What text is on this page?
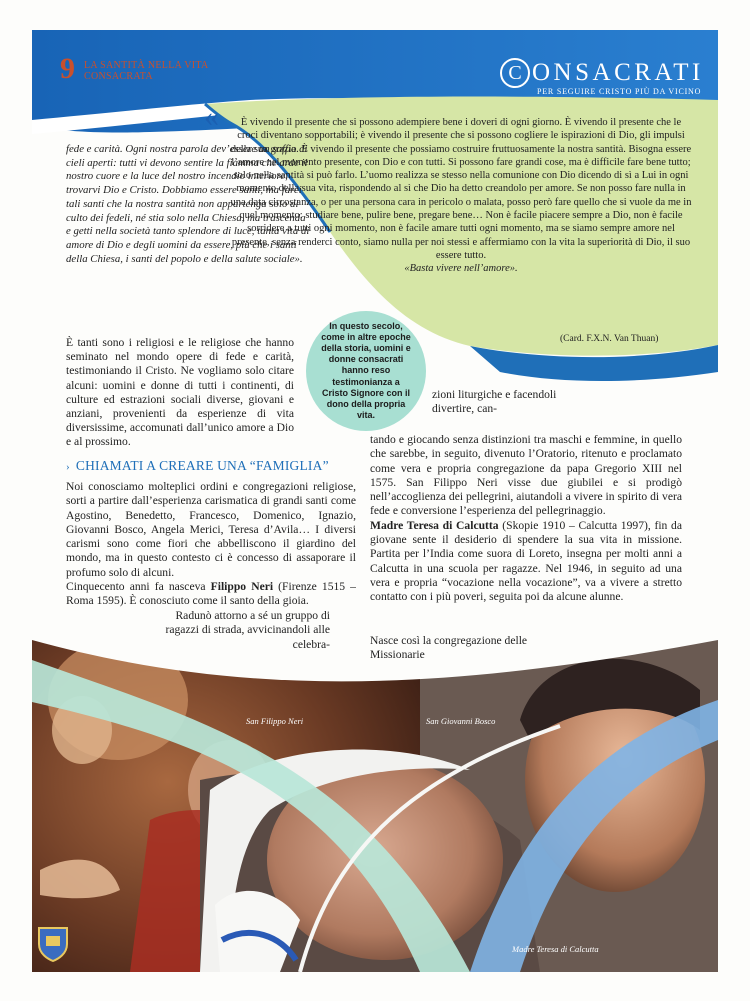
9 LA SANTITÀ NELLA VITA
CONSACRATA	C ONSACRATI
PER SEGUIRE CRISTO PIÙ DA VICINO
«	È vivendo il presente che si possono adempiere bene i doveri di ogni giorno. È vivendo il presente che le croci diventano sopportabili; è vivendo il presente che si possono cogliere le ispirazioni di Dio, gli impulsi della sua grazia. È vivendo il presente che possiamo costruire fruttuosamente la nostra santità. Bisogna essere l’amore nel momento presente, con Dio e con tutti. Si possono fare grandi cose, ma è difficile fare bene tutto; solo nella santità si può farlo. L’uomo realizza se stesso nella comunione con Dio dicendo di sì a Lui in ogni momento della sua vita, rispondendo al sì che Dio ha detto creandolo per amore. Se non posso fare nulla in una data circostanza, o per una persona cara in pericolo o malata, posso però fare quello che si vuole da me in quel momento: studiare bene, pulire bene, pregare bene… Non è facile piacere sempre a Dio, non è facile sorridere a tutti ogni momento, non è facile amare tutti ogni momento, ma se siamo sempre amore nel presente, senza renderci conto, siamo nulla per noi stessi e affermiamo con la vita la superiorità di Dio, il suo essere tutto.

«Basta vivere nell’amore».

(Card. F.X.N. Van Thuan)

fede e carità. Ogni nostra parola dev’essere un soffio di cieli aperti: tutti vi devono sentire la fiamma che arde il nostro cuore e la luce del nostro incendio interiore, trovarvi Dio e Cristo. Dobbiamo essere santi, ma farci tali santi che la nostra santità non appartenga solo al culto dei fedeli, né stia solo nella Chiesa, ma trascenda e getti nella società tanto splendore di luce, tanta vita di amore di Dio e degli uomini da essere, più che i santi della Chiesa, i santi del popolo e della salute sociale».

È tanti sono i religiosi e le religiose che hanno seminato nel mondo opere di fede e carità, testimoniando il Cristo. Ne vogliamo solo citare alcuni: uomini e donne di tutti i continenti, di culture ed estrazioni sociali diverse, giovani e anziani, provenienti da esperienze di vita diversissime, accomunati dall’unico amore a Dio e al prossimo.

In questo secolo, come in altre epoche della storia, uomini e donne consacrati hanno reso testimonianza a Cristo Signore con il dono della propria vita.
› CHIAMATI A CREARE UNA “FAMIGLIA”

Noi conosciamo molteplici ordini e congregazioni religiose, sorti a partire dall’esperienza carismatica di grandi santi come Agostino, Benedetto, Francesco, Domenico, Ignazio, Giovanni Bosco, Angela Merici, Teresa d’Avila… I diversi carismi sono come fiori che abbelliscono il giardino del mondo, ma in questo contesto ci è concesso di assaporare il profumo solo di alcuni.

Cinquecento anni fa nasceva Filippo Neri (Firenze 1515 – Roma 1595). È conosciuto come il santo della gioia.

Radunò attorno a sé un gruppo di ragazzi di strada, avvicinandoli alle celebra-

zioni liturgiche e facendoli divertire, can-

tando e giocando senza distinzioni tra maschi e femmine, in quello che sarebbe, in seguito, divenuto l’Oratorio, ritenuto e proclamato come vera e propria congregazione da papa Gregorio XIII nel 1575. San Filippo Neri visse due giubilei e si prodigò nell’accoglienza dei pellegrini, aiutandoli a vivere in spirito di vera fede e conversione l’esperienza del pellegrinaggio.

Madre Teresa di Calcutta (Skopie 1910 – Calcutta 1997), fin da giovane sente il desiderio di spendere la sua vita in missione. Partita per l’India come suora di Loreto, insegna per molti anni a Calcutta in una scuola per ragazze. Nel 1946, in seguito ad una vera e propria “vocazione nella vocazione”, va a vivere a stretto contatto con i più poveri, seguita poi da alcune alunne.

Nasce così la congregazione delle Missionarie

San Filippo Neri	San Giovanni Bosco
Madre Teresa di Calcutta
